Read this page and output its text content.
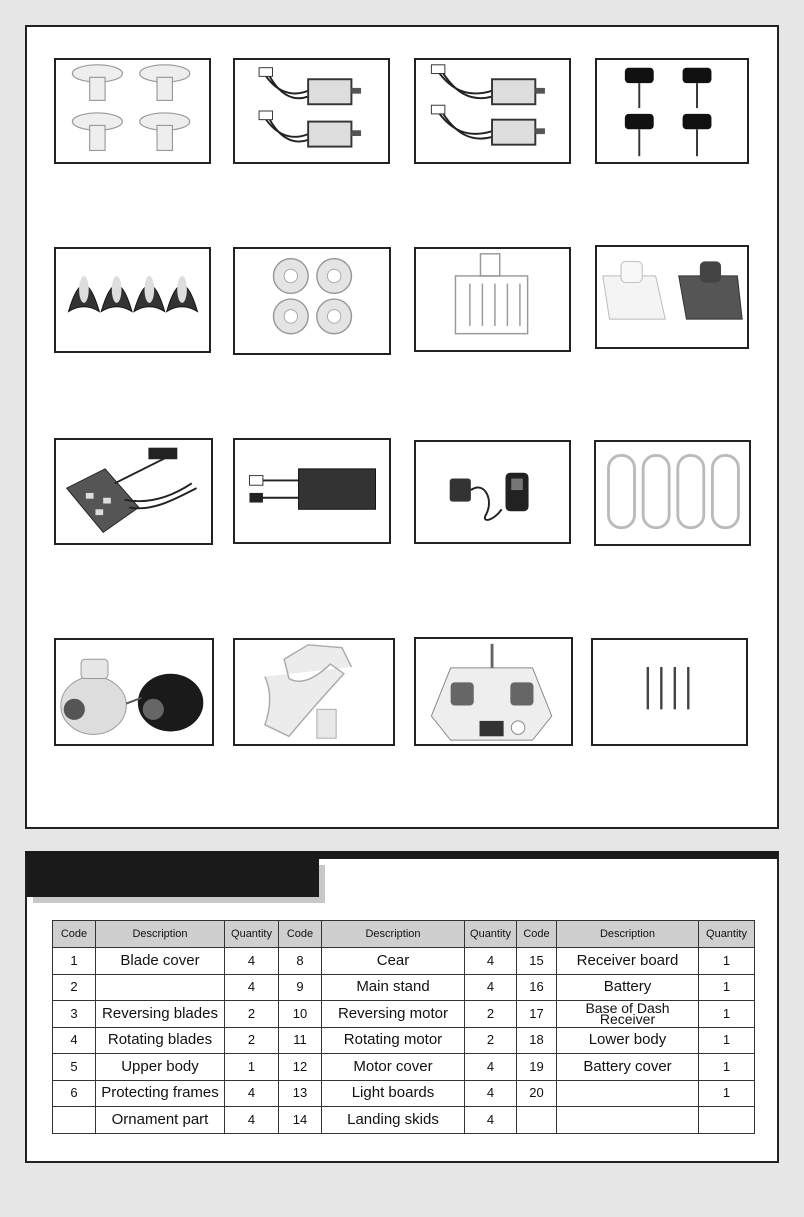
Code	Description	Quantity	Code	Description	Quantity	Code	Description	Quantity
1	Blade cover	4	8	Cear	4	15	Receiver board	1
2		4	9	Main stand	4	16	Battery	1
3	Reversing blades	2	10	Reversing motor	2	17	Base of Dash Receiver	1
4	Rotating blades	2	11	Rotating motor	2	18	Lower body	1
5	Upper body	1	12	Motor cover	4	19	Battery cover	1
6	Protecting frames	4	13	Light boards	4	20		1
	Ornament part	4	14	Landing skids	4			
